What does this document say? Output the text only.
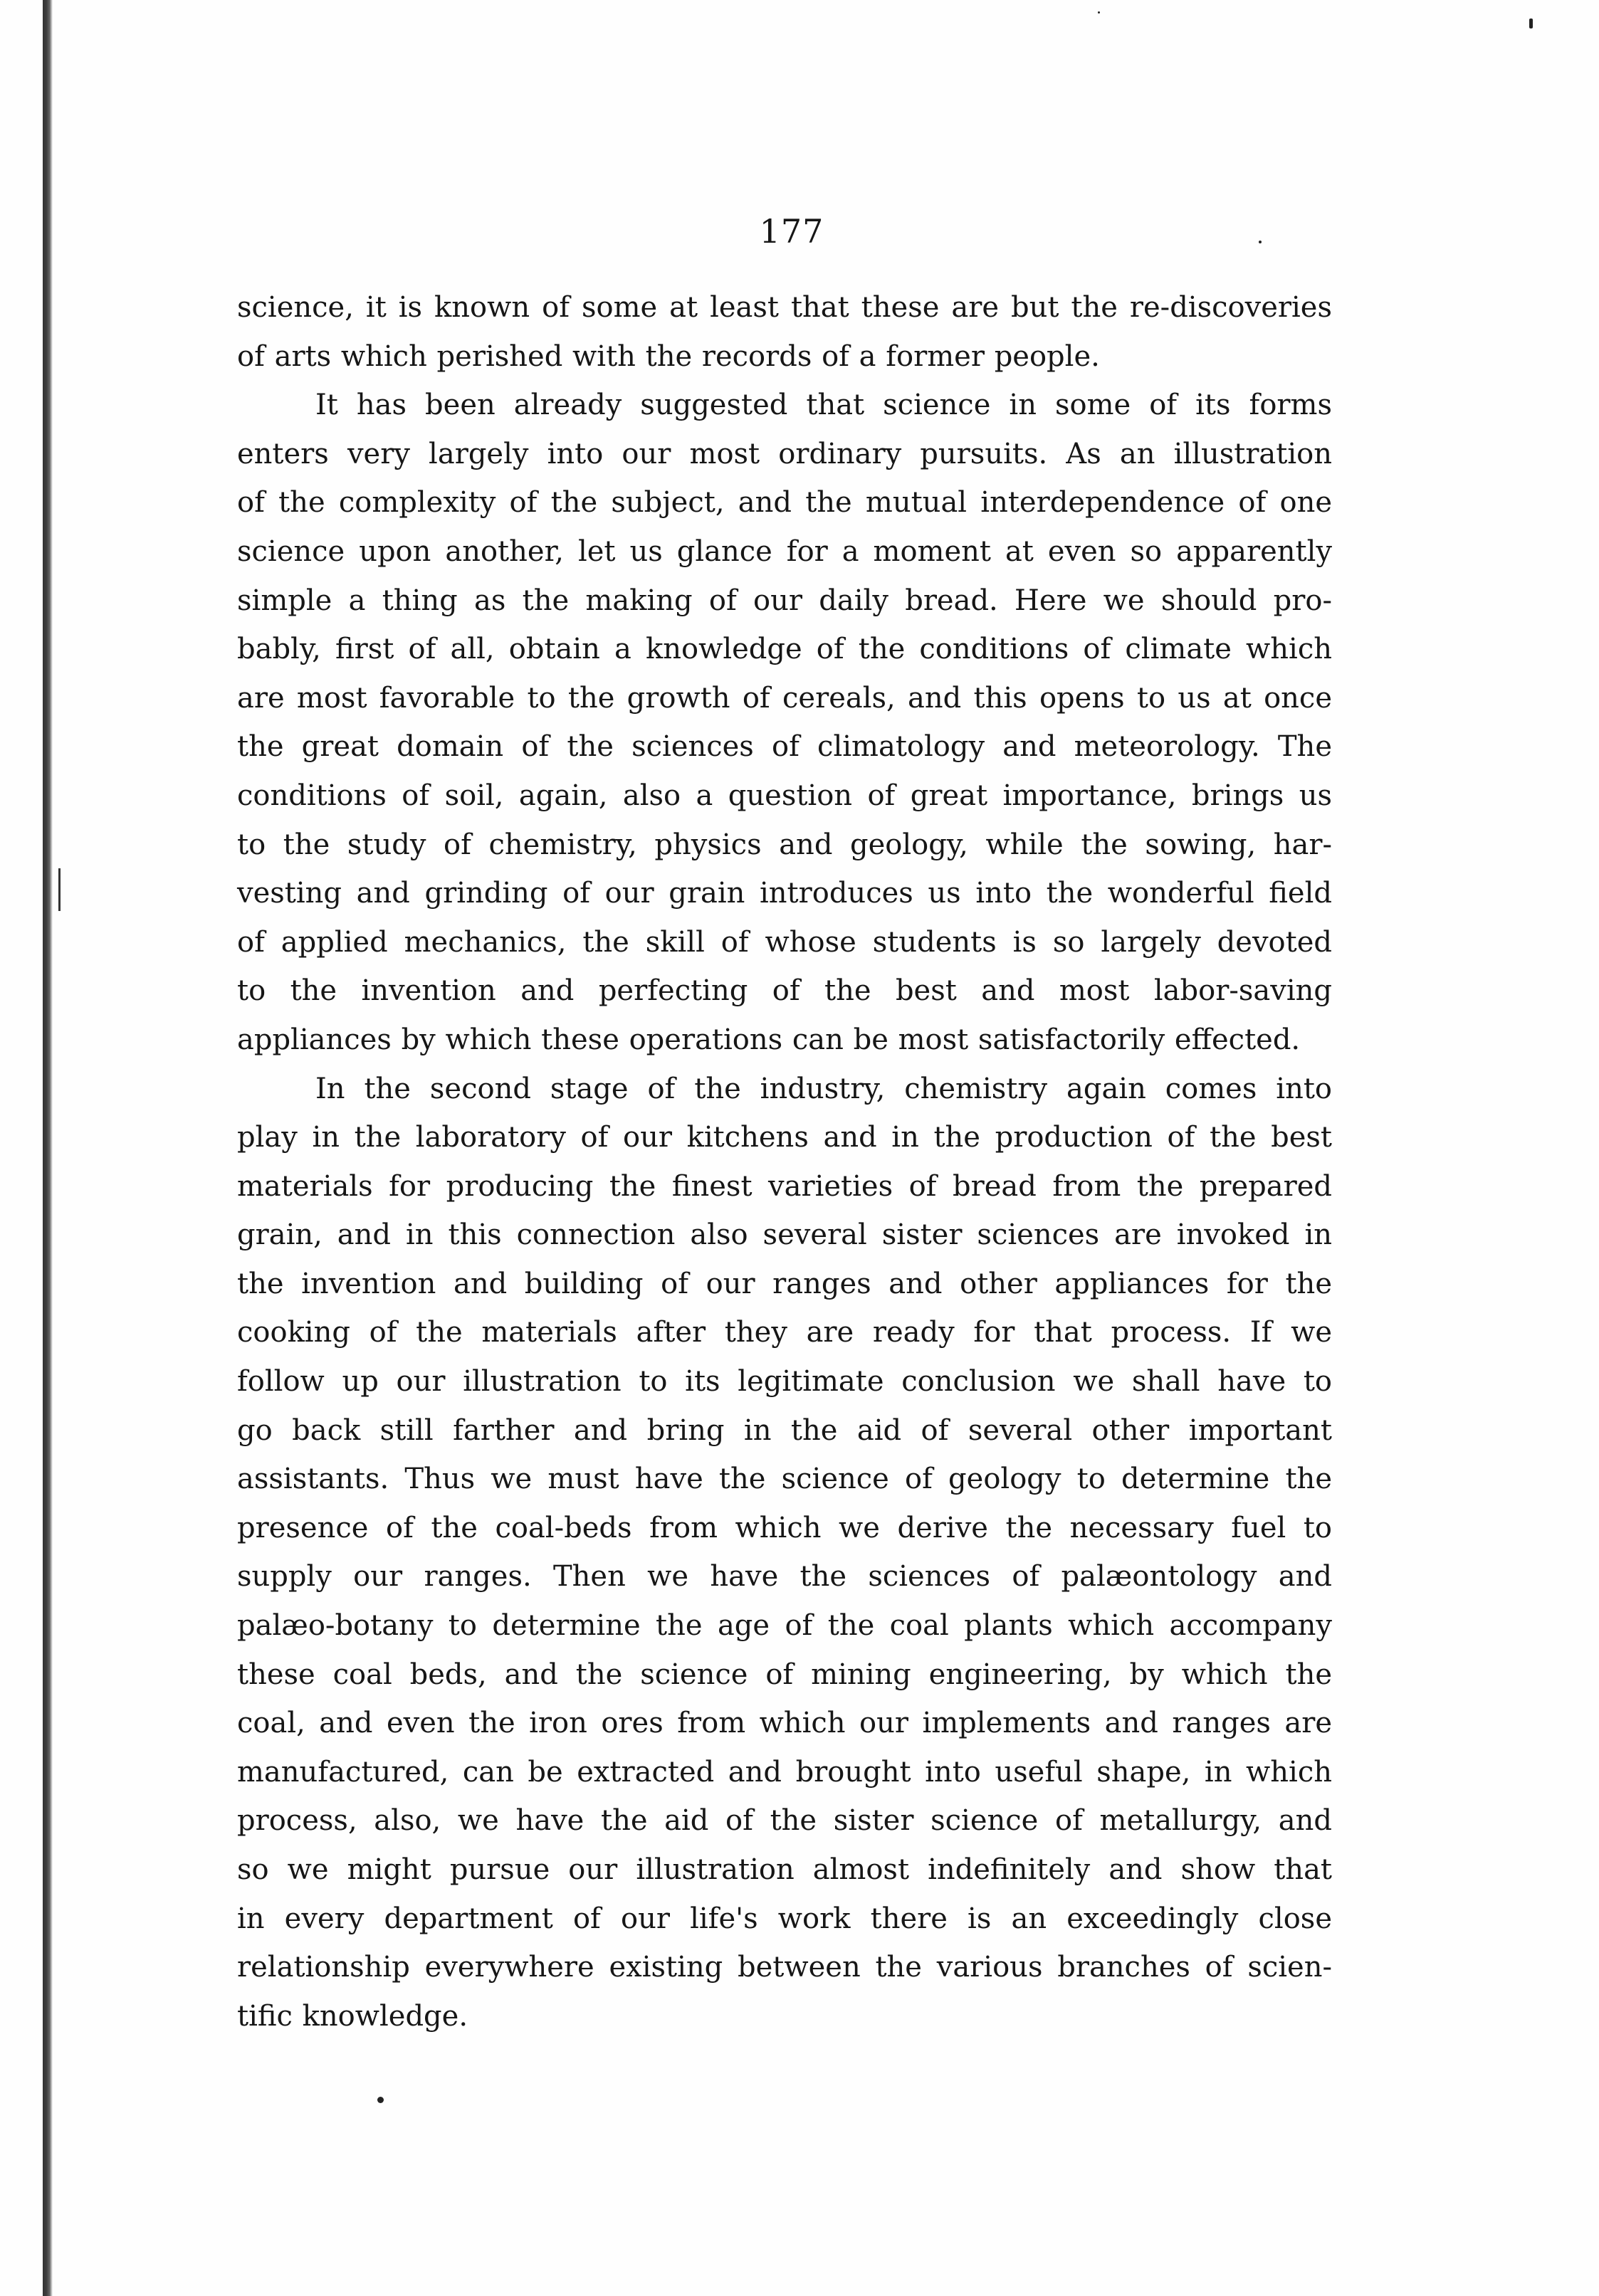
177
science, it is known of some at least that these are but the re-discoveries
of arts which perished with the records of a former people.
It has been already suggested that science in some of its forms
enters very largely into our most ordinary pursuits. As an illustration
of the complexity of the subject, and the mutual interdependence of one
science upon another, let us glance for a moment at even so apparently
simple a thing as the making of our daily bread. Here we should pro-
bably, first of all, obtain a knowledge of the conditions of climate which
are most favorable to the growth of cereals, and this opens to us at once
the great domain of the sciences of climatology and meteorology. The
conditions of soil, again, also a question of great importance, brings us
to the study of chemistry, physics and geology, while the sowing, har-
vesting and grinding of our grain introduces us into the wonderful field
of applied mechanics, the skill of whose students is so largely devoted
to the invention and perfecting of the best and most labor-saving
appliances by which these operations can be most satisfactorily effected.
In the second stage of the industry, chemistry again comes into
play in the laboratory of our kitchens and in the production of the best
materials for producing the finest varieties of bread from the prepared
grain, and in this connection also several sister sciences are invoked in
the invention and building of our ranges and other appliances for the
cooking of the materials after they are ready for that process. If we
follow up our illustration to its legitimate conclusion we shall have to
go back still farther and bring in the aid of several other important
assistants. Thus we must have the science of geology to determine the
presence of the coal-beds from which we derive the necessary fuel to
supply our ranges. Then we have the sciences of palæontology and
palæo-botany to determine the age of the coal plants which accompany
these coal beds, and the science of mining engineering, by which the
coal, and even the iron ores from which our implements and ranges are
manufactured, can be extracted and brought into useful shape, in which
process, also, we have the aid of the sister science of metallurgy, and
so we might pursue our illustration almost indefinitely and show that
in every department of our life's work there is an exceedingly close
relationship everywhere existing between the various branches of scien-
tific knowledge.
